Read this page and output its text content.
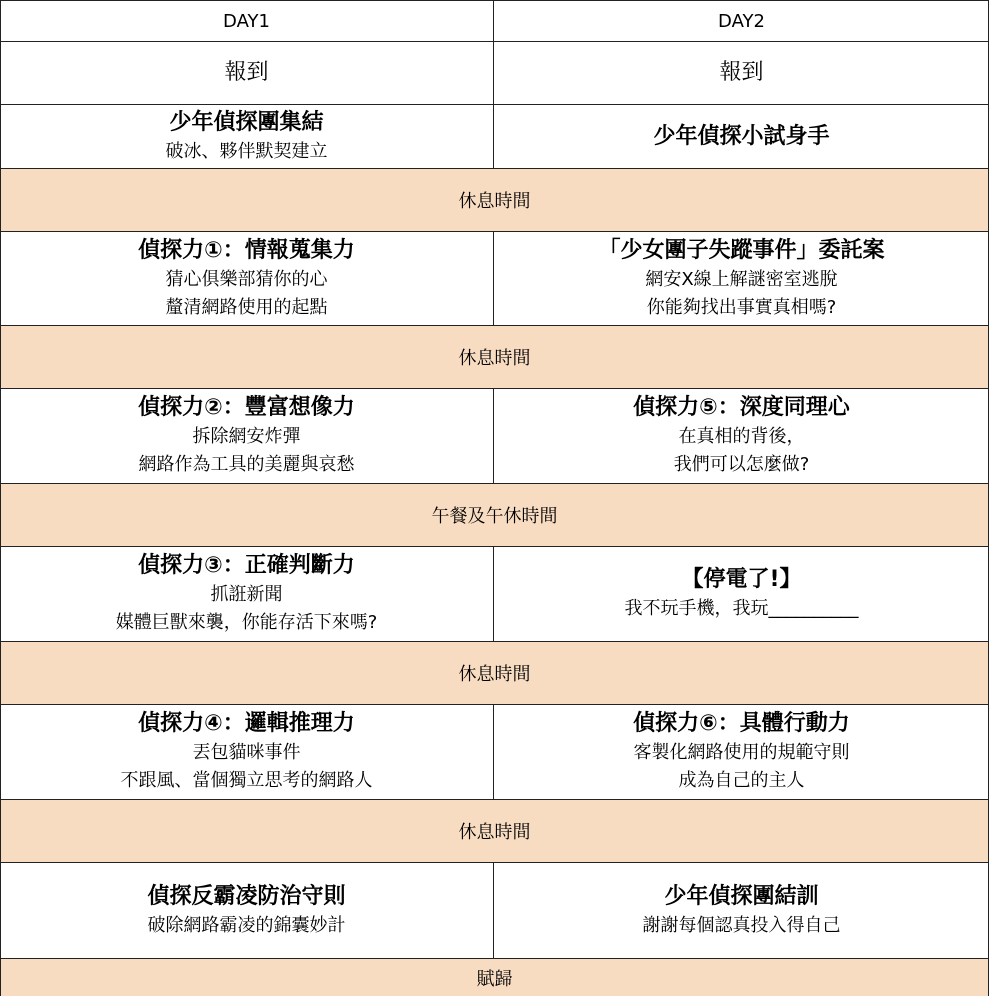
DAY1	DAY2
報到	報到
少年偵探團集結
破冰、夥伴默契建立
少年偵探小試身手
休息時間
偵探力①：情報蒐集力
猜心俱樂部猜你的心
釐清網路使用的起點
「少女團子失蹤事件」委託案
網安X線上解謎密室逃脫
你能夠找出事實真相嗎?
休息時間
偵探力②：豐富想像力
拆除網安炸彈
網路作為工具的美麗與哀愁
偵探力⑤：深度同理心
在真相的背後，
我們可以怎麼做?
午餐及午休時間
偵探力③：正確判斷力
抓誑新聞
媒體巨獸來襲，你能存活下來嗎?
【停電了!】
我不玩手機，我玩__________
休息時間
偵探力④：邏輯推理力
丟包貓咪事件
不跟風、當個獨立思考的網路人
偵探力⑥：具體行動力
客製化網路使用的規範守則
成為自己的主人
休息時間
偵探反霸凌防治守則
破除網路霸凌的錦囊妙計
少年偵探團結訓
謝謝每個認真投入得自己
賦歸
